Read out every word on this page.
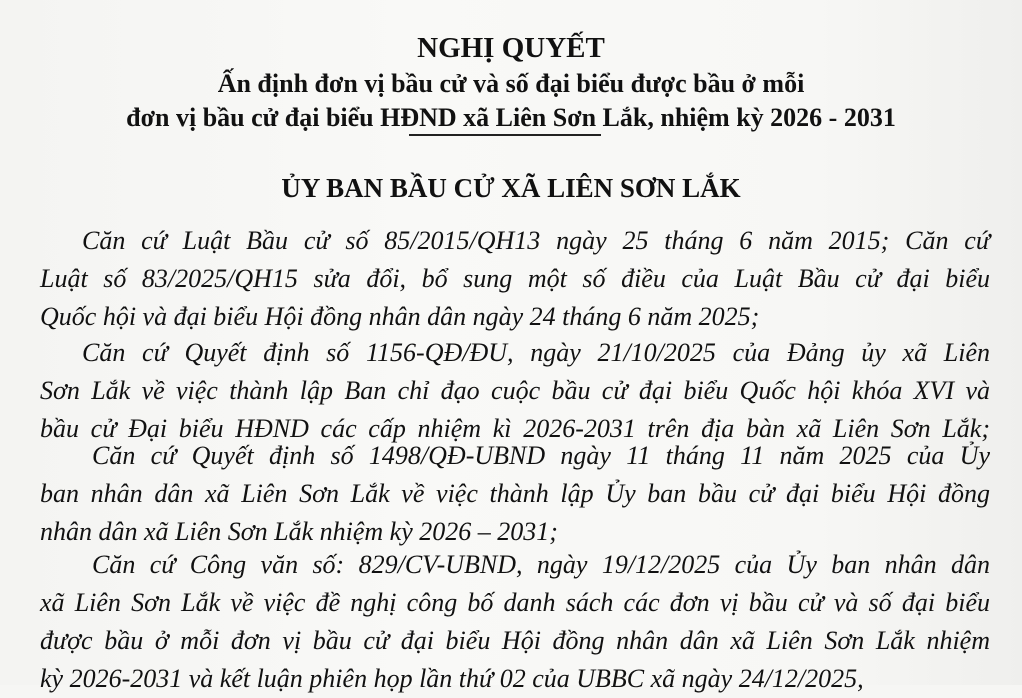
NGHỊ QUYẾT
Ấn định đơn vị bầu cử và số đại biểu được bầu ở mỗi
đơn vị bầu cử đại biểu HĐND xã Liên Sơn Lắk, nhiệm kỳ 2026 - 2031
ỦY BAN BẦU CỬ XÃ LIÊN SƠN LẮK
Căn cứ Luật Bầu cử số 85/2015/QH13 ngày 25 tháng 6 năm 2015; Căn cứ
Luật số 83/2025/QH15 sửa đổi, bổ sung một số điều của Luật Bầu cử đại biểu
Quốc hội và đại biểu Hội đồng nhân dân ngày 24 tháng 6 năm 2025;
Căn cứ Quyết định số 1156-QĐ/ĐU, ngày 21/10/2025 của Đảng ủy xã Liên
Sơn Lắk về việc thành lập Ban chỉ đạo cuộc bầu cử đại biểu Quốc hội khóa XVI và
bầu cử Đại biểu HĐND các cấp nhiệm kì 2026-2031 trên địa bàn xã Liên Sơn Lắk;
Căn cứ Quyết định số 1498/QĐ-UBND ngày 11 tháng 11 năm 2025 của Ủy
ban nhân dân xã Liên Sơn Lắk về việc thành lập Ủy ban bầu cử đại biểu Hội đồng
nhân dân xã Liên Sơn Lắk nhiệm kỳ 2026 – 2031;
Căn cứ Công văn số: 829/CV-UBND, ngày 19/12/2025 của Ủy ban nhân dân
xã Liên Sơn Lắk về việc đề nghị công bố danh sách các đơn vị bầu cử và số đại biểu
được bầu ở mỗi đơn vị bầu cử đại biểu Hội đồng nhân dân xã Liên Sơn Lắk nhiệm
kỳ 2026-2031 và kết luận phiên họp lần thứ 02 của UBBC xã ngày 24/12/2025,
